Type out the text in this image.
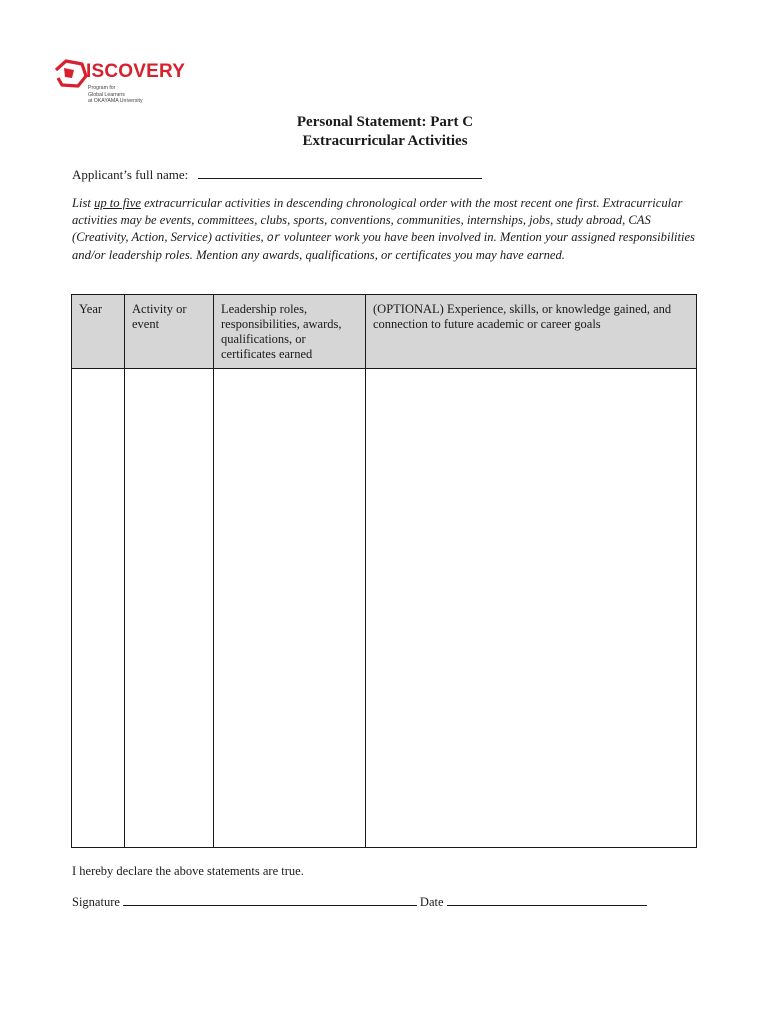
ISCOVERY
Program for
Global Learners
at OKAYAMA University
Personal Statement: Part C
Extracurricular Activities
Applicant’s full name:
List up to five extracurricular activities in descending chronological order with the most recent one first. Extracurricular activities may be events, committees, clubs, sports, conventions, communities, internships, jobs, study abroad, CAS (Creativity, Action, Service) activities, or volunteer work you have been involved in. Mention your assigned responsibilities and/or leadership roles. Mention any awards, qualifications, or certificates you may have earned.
Year	Activity or event	Leadership roles, responsibilities, awards, qualifications, or certificates earned	(OPTIONAL) Experience, skills, or knowledge gained, and connection to future academic or career goals

I hereby declare the above statements are true.
Signature	Date
